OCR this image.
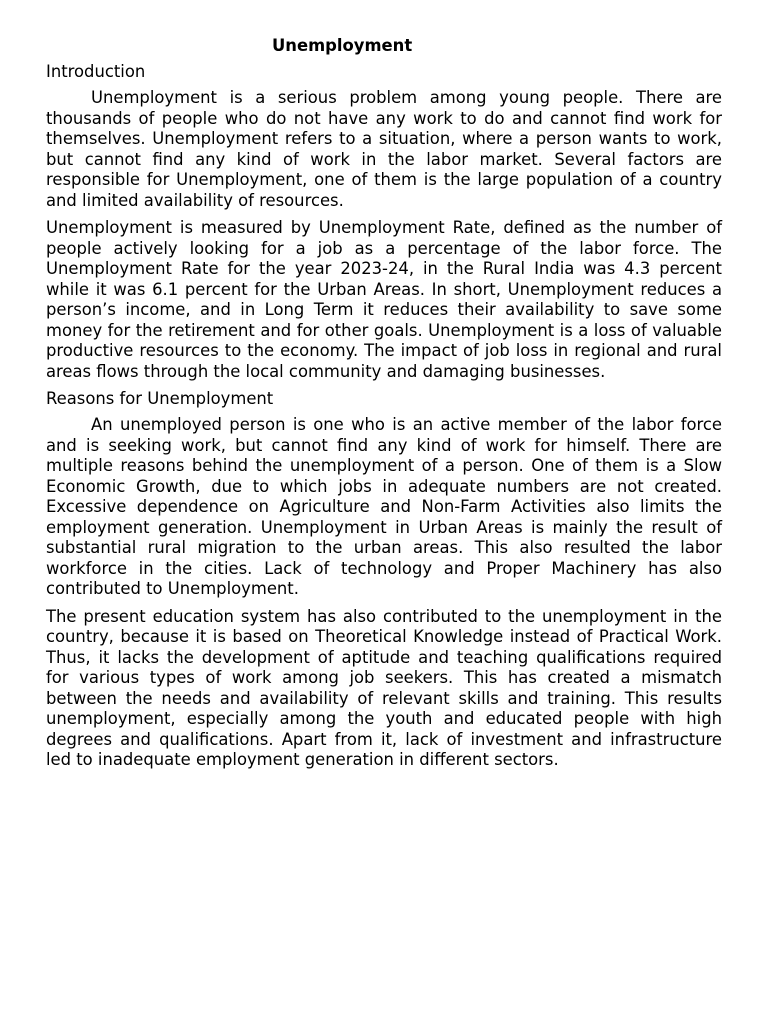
Unemployment
Introduction

Unemployment is a serious problem among young people. There are thousands of people who do not have any work to do and cannot find work for themselves. Unemployment refers to a situation, where a person wants to work, but cannot find any kind of work in the labor market. Several factors are responsible for Unemployment, one of them is the large population of a country and limited availability of resources.

Unemployment is measured by Unemployment Rate, defined as the number of people actively looking for a job as a percentage of the labor force. The Unemployment Rate for the year 2023-24, in the Rural India was 4.3 percent while it was 6.1 percent for the Urban Areas. In short, Unemployment reduces a person’s income, and in Long Term it reduces their availability to save some money for the retirement and for other goals. Unemployment is a loss of valuable productive resources to the economy. The impact of job loss in regional and rural areas flows through the local community and damaging businesses.

Reasons for Unemployment

An unemployed person is one who is an active member of the labor force and is seeking work, but cannot find any kind of work for himself. There are multiple reasons behind the unemployment of a person. One of them is a Slow Economic Growth, due to which jobs in adequate numbers are not created. Excessive dependence on Agriculture and Non-Farm Activities also limits the employment generation. Unemployment in Urban Areas is mainly the result of substantial rural migration to the urban areas. This also resulted the labor workforce in the cities. Lack of technology and Proper Machinery has also contributed to Unemployment.

The present education system has also contributed to the unemployment in the country, because it is based on Theoretical Knowledge instead of Practical Work. Thus, it lacks the development of aptitude and teaching qualifications required for various types of work among job seekers. This has created a mismatch between the needs and availability of relevant skills and training. This results unemployment, especially among the youth and educated people with high degrees and qualifications. Apart from it, lack of investment and infrastructure led to inadequate employment generation in different sectors.
